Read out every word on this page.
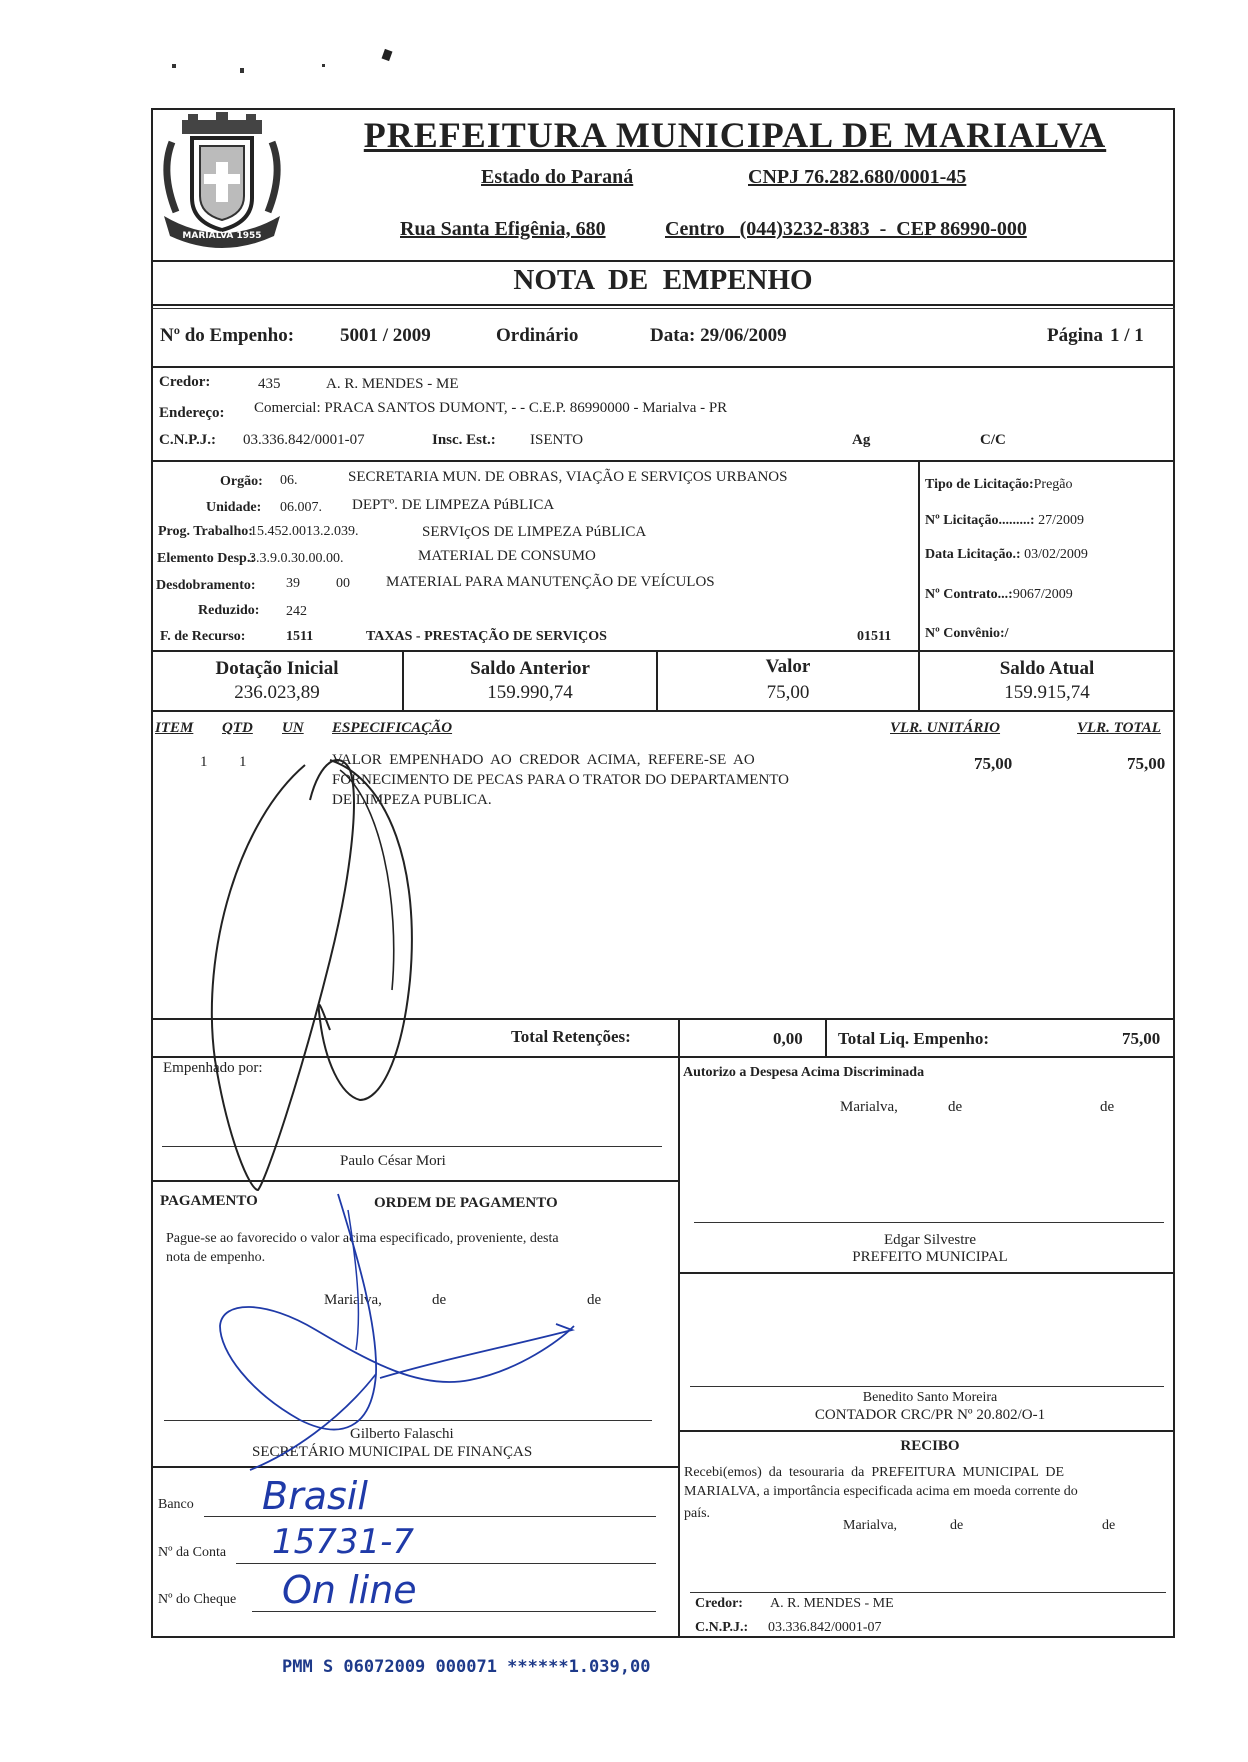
MARIALVA 1955
PREFEITURA MUNICIPAL DE MARIALVA
Estado do Paraná	CNPJ 76.282.680/0001-45
Rua Santa Efigênia, 680	Centro   (044)3232-8383  -  CEP 86990-000
NOTA  DE  EMPENHO
Nº do Empenho: 5001 / 2009	Ordinário	Data: 29/06/2009	Página 1 / 1
Credor:	435	A. R. MENDES - ME
Endereço: Comercial: PRACA SANTOS DUMONT, - - C.E.P. 86990000 - Marialva - PR
C.N.P.J.: 03.336.842/0001-07	Insc. Est.: ISENTO	Ag	C/C
Orgão: 06.	SECRETARIA MUN. DE OBRAS, VIAÇÃO E SERVIÇOS URBANOS
Unidade: 06.007. DEPTº. DE LIMPEZA PúBLICA
Prog. Trabalho:
15.452.0013.2.039.	SERVIçOS DE LIMPEZA PúBLICA
Elemento Desp.:
3.3.9.0.30.00.00.	MATERIAL DE CONSUMO
Desdobramento: 39	00 MATERIAL PARA MANUTENÇÃO DE VEÍCULOS
Reduzido: 242
F. de Recurso:	1511	TAXAS - PRESTAÇÃO DE SERVIÇOS	01511
Tipo de Licitação:Pregão
Nº Licitação.........: 27/2009
Data Licitação.: 03/02/2009
Nº Contrato...:9067/2009
Nº Convênio:/
Dotação Inicial
236.023,89
Saldo Anterior
159.990,74
Valor
75,00
Saldo Atual
159.915,74
ITEM QTD UN ESPECIFICAÇÃO	VLR. UNITÁRIO	VLR. TOTAL
1 1	VALOR  EMPENHADO  AO  CREDOR  ACIMA,  REFERE-SE  AO
FORNECIMENTO DE PECAS PARA O TRATOR DO DEPARTAMENTO
DE LIMPEZA PUBLICA.
75,00	75,00
Total Retenções:	0,00 Total Liq. Empenho:	75,00
Empenhado por:
Paulo César Mori
PAGAMENTO	ORDEM DE PAGAMENTO
Pague-se ao favorecido o valor acima especificado, proveniente, desta
nota de empenho.
Marialva,	de	de
Gilberto Falaschi
SECRETÁRIO MUNICIPAL DE FINANÇAS
Banco Brasil
Nº da Conta 15731-7
Nº do Cheque On line
Autorizo a Despesa Acima Discriminada
Marialva,	de	de
Edgar Silvestre
PREFEITO MUNICIPAL
Benedito Santo Moreira
CONTADOR CRC/PR Nº 20.802/O-1
RECIBO
Recebi(emos)  da  tesouraria  da  PREFEITURA  MUNICIPAL  DE
MARIALVA, a importância especificada acima em moeda corrente do
país.
Marialva,	de	de
Credor: A. R. MENDES - ME
C.N.P.J.: 03.336.842/0001-07
PMM S 06072009 000071 ******1.039,00
